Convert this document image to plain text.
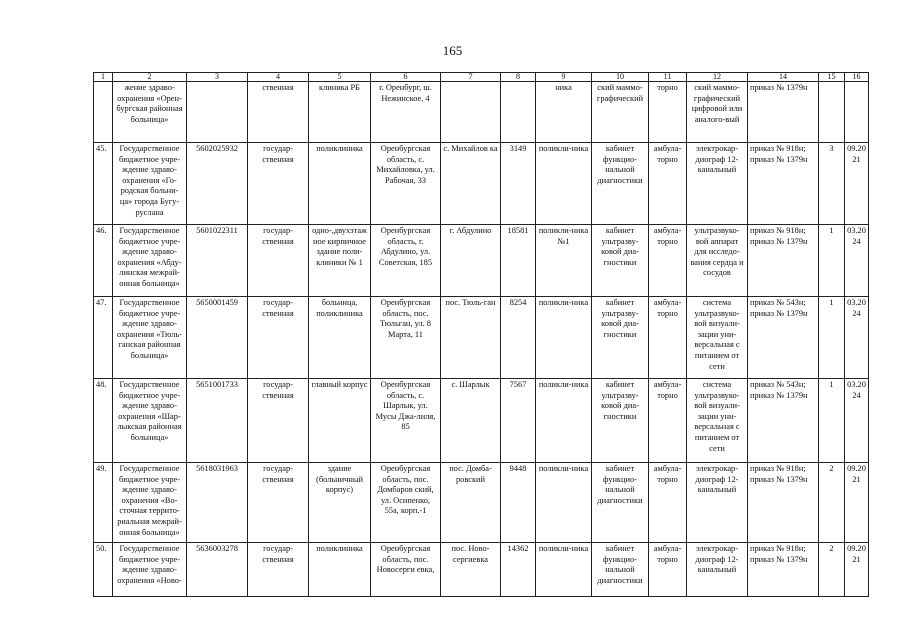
165
1	2	3	4	5	6	7	8	9	10	11	12	14	15	16
	жение здраво-охранения «Орен-бургская районная больница»		ственная	клиника РБ	г. Оренбург, ш. Нежинское, 4			ника	ский маммо-графический	торно	ский маммо-графический цифровой или аналого-вый	приказ № 1379н		
45.	Государственное бюджетное учре-ждение здраво-охранения «Го-родская больни-ца» города Бугу-руслана	5602025932	государ-ственная	поликлиника	Оренбургская область, с. Михайловка, ул. Рабочая, 33	с. Михайлов ка	3149	поликли-ника	кабинет функцио-нальной диагностики	амбула-торно	электрокар-диограф 12-канальный	приказ № 918н; приказ № 1379н	3	09.2021
46.	Государственное бюджетное учре-ждение здраво-охранения «Абду-линская межрай-онная больница»	5601022311	государ-ственная	одно-,двухэтажное кирпичное здание поли-клиники № 1	Оренбургская область, г. Абдулино, ул. Советская, 185	г. Абдулино	18581	поликли-ника №1	кабинет ультразву-ковой диа-гностики	амбула-торно	ультразвуко-вой аппарат для исследо-вания сердца и сосудов	приказ № 918н; приказ № 1379н	1	03.2024
47.	Государственное бюджетное учре-ждение здраво-охранения «Тюль-ганская районная больница»	5650001459	государ-ственная	больница, поликлиника	Оренбургская область, пос. Тюльган, ул. 8 Марта, 11	пос. Тюль-ган	8254	поликли-ника	кабинет ультразву-ковой диа-гностики	амбула-торно	система ультразвуко-вой визуали-зации уни-версальная с питанием от сети	приказ № 543н; приказ № 1379н	1	03.2024
48.	Государственное бюджетное учре-ждение здраво-охранения «Шар-лыкская районная больница»	5651001733	государ-ственная	главный корпус	Оренбургская область, с. Шарлык, ул. Мусы Джа-лиля, 85	с. Шарлык	7567	поликли-ника	кабинет ультразву-ковой диа-гностики	амбула-торно	система ультразвуко-вой визуали-зации уни-версальная с питанием от сети	приказ № 543н; приказ № 1379н	1	03.2024
49.	Государственное бюджетное учре-ждение здраво-охранения «Во-сточная террито-риальная межрай-онная больница»	5618031963	государ-ственная	здание (больничный корпус)	Оренбургская область, пос. Домбаров ский, ул. Осипенко, 55а, корп.-1	пос. Домба-ровский	9448	поликли-ника	кабинет функцио-нальной диагностики	амбула-торно	электрокар-диограф 12-канальный	приказ № 918н; приказ № 1379н	2	09.2021
50.	Государственное бюджетное учре-ждение здраво-охранения «Ново-	5636003278	государ-ственная	поликлиника	Оренбургская область, пос. Новосерги евка,	пос. Ново-сергиевка	14362	поликли-ника	кабинет функцио-нальной диагностики	амбула-торно	электрокар-диограф 12-канальный	приказ № 918н; приказ № 1379н	2	09.2021
